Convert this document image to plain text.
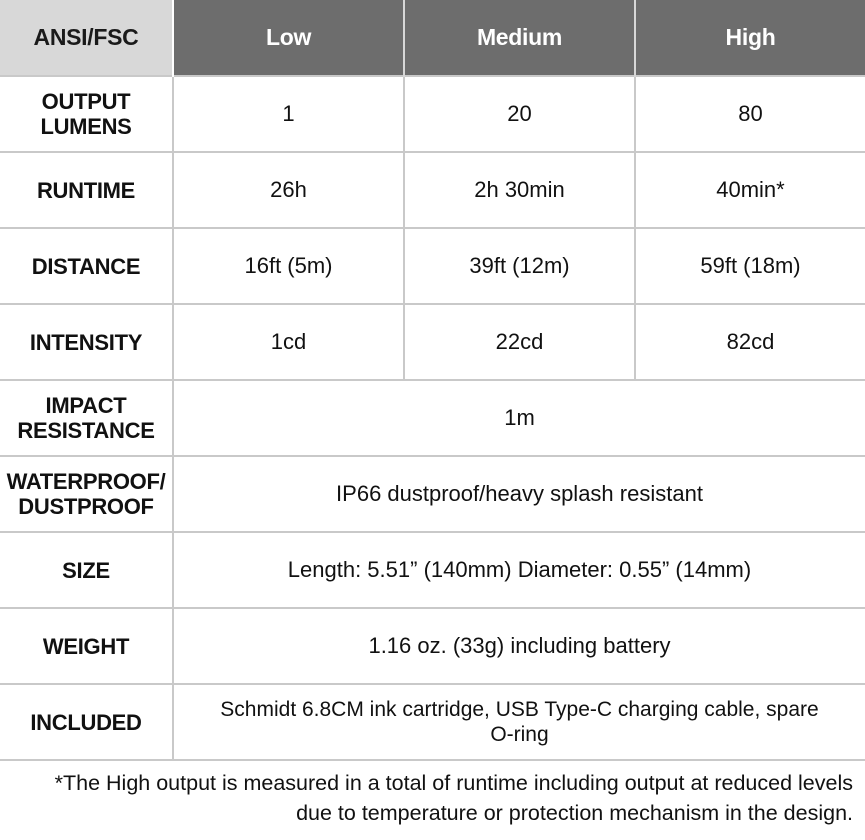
ANSI/FSC	Low	Medium	High

OUTPUT
LUMENS	1	20	80
RUNTIME	26h	2h 30min	40min*
DISTANCE	16ft (5m)	39ft (12m)	59ft (18m)
INTENSITY	1cd	22cd	82cd

IMPACT
RESISTANCE	1m		

WATERPROOF/
DUSTPROOF	IP66 dustproof/heavy splash resistant		
SIZE	Length: 5.51” (140mm) Diameter: 0.55” (14mm)		
WEIGHT	1.16 oz. (33g) including battery		
INCLUDED	Schmidt 6.8CM ink cartridge, USB Type-C charging cable, spare
O-ring		
*The High output is measured in a total of runtime including output at reduced levels
due to temperature or protection mechanism in the design.
